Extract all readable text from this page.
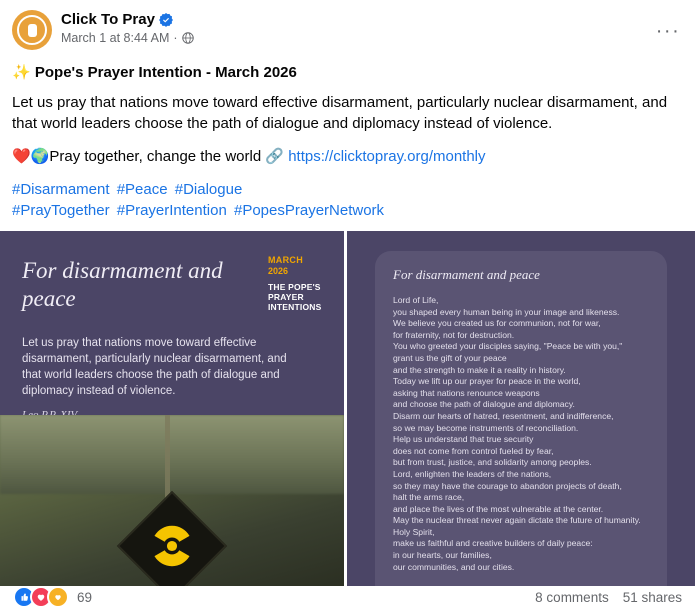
Click To Pray
March 1 at 8:44 AM ·	···
✨ Pope's Prayer Intention - March 2026
Let us pray that nations move toward effective disarmament, particularly nuclear disarmament, and that world leaders choose the path of dialogue and diplomacy instead of violence.
❤️🌍Pray together, change the world 🔗 https://clicktopray.org/monthly
#Disarmament #Peace #Dialogue
#PrayTogether #PrayerIntention #PopesPrayerNetwork
For disarmament and peace
Let us pray that nations move toward effective disarmament, particularly nuclear disarmament, and that world leaders choose the path of dialogue and diplomacy instead of violence.
MARCH
2026
THE POPE'S
PRAYER
INTENTIONS
For disarmament and peace

Lord of Life,

you shaped every human being in your image and likeness.

We believe you created us for communion, not for war,

for fraternity, not for destruction.

You who greeted your disciples saying, "Peace be with you,"

grant us the gift of your peace

and the strength to make it a reality in history.

Today we lift up our prayer for peace in the world,

asking that nations renounce weapons

and choose the path of dialogue and diplomacy.

Disarm our hearts of hatred, resentment, and indifference,

so we may become instruments of reconciliation.

Help us understand that true security

does not come from control fueled by fear,

but from trust, justice, and solidarity among peoples.

Lord, enlighten the leaders of the nations,

so they may have the courage to abandon projects of death,

halt the arms race,

and place the lives of the most vulnerable at the center.

May the nuclear threat never again dictate the future of humanity.

Holy Spirit,

make us faithful and creative builders of daily peace:

in our hearts, our families,

our communities, and our cities.

69	8 comments 51 shares
